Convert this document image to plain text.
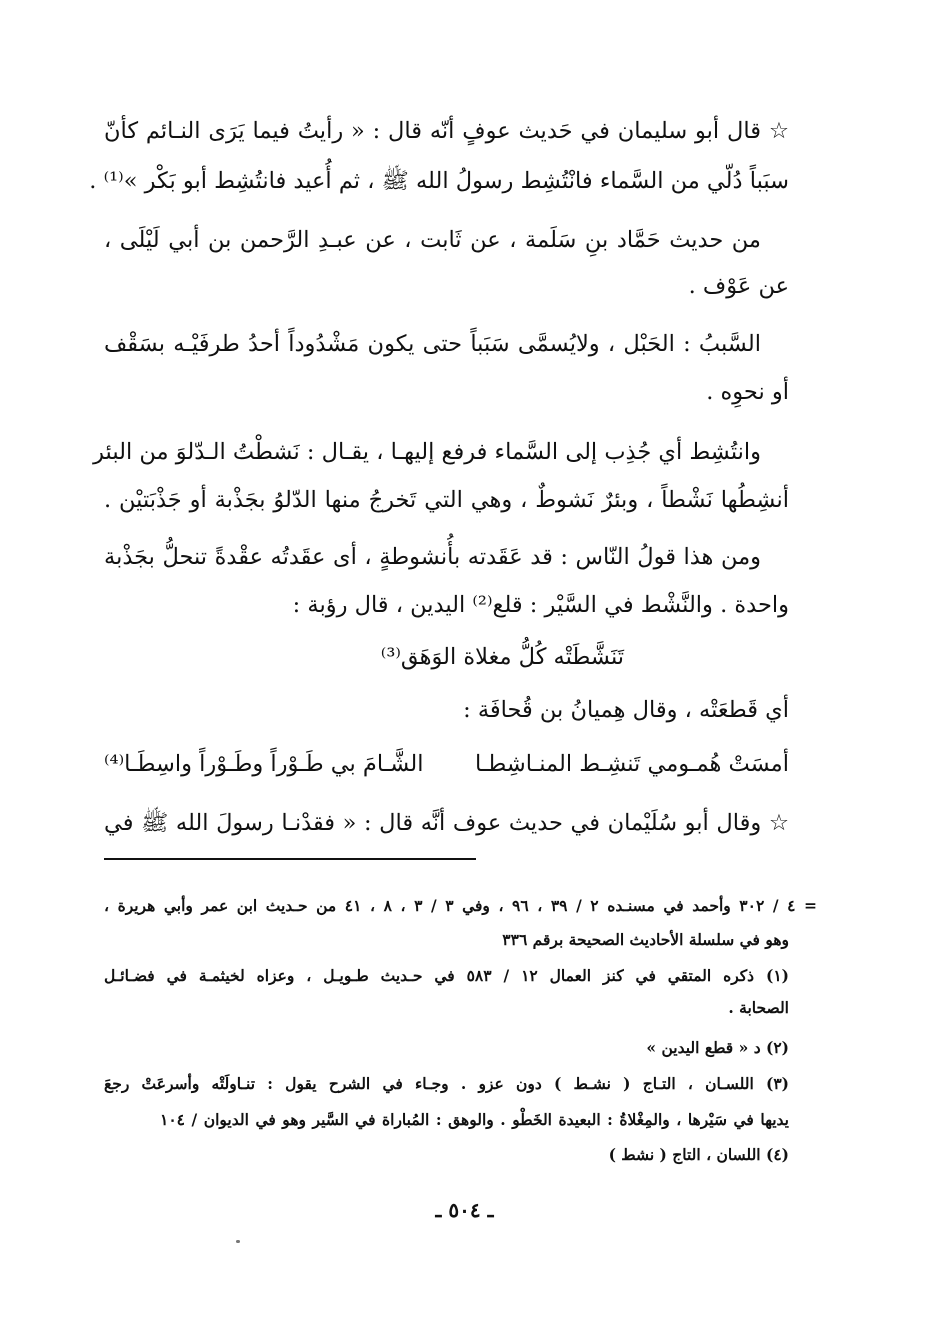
☆ قال أبو سليمان في حَديث عوفٍ أنّه قال : « رأيتُ فيما يَرَى النـائم كأنّ
سبَباً دُلّي من السَّماء فانْتُشِط رسولُ الله ﷺ ، ثم أُعيد فانتُشِط أبو بَكْر »⁽¹⁾ .
من حديث حَمَّاد بنِ سَلَمة ، عن ثَابت ، عن عبـدِ الرَّحمن بن أبي لَيْلَى ،
عن عَوْف .
السَّببُ : الحَبْل ، ولايُسمَّى سَبَباً حتى يكون مَشْدُوداً أحدُ طرفَيْـه بسَقْف
أو نحوِه .
وانتُشِط أي جُذِب إلى السَّماء فرفع إليهـا ، يقـال : نَشطْتُ الـدّلوَ من البئر
أنشِطُها نَشْطاً ، وبئرٌ نَشوطٌ ، وهي التي تَخرجُ منها الدّلوُ بجَذْبة أو جَذْبَتيْن .
ومن هذا قولُ النّاس : قد عَقَدته بأُنشوطةٍ ، أى عقَدتُه عقْدةً تنحلُّ بجَذْبة
واحدة . والنَّشْط في السَّيْر : قلع⁽²⁾ اليدين ، قال رؤبة :
تَنَشَّطَتْه كُلُّ مغلاة الوَهَق⁽³⁾
أي قَطعَتْه ، وقال هِميانُ بن قُحافَة :
أمسَتْ هُمـومي تَنشِـط المنـاشِطـا
الشَّـامَ بي طَـوْراً وطَـوْراً واسِطَـا⁽⁴⁾
☆ وقال أبو سُلَيْمان في حديث عوف أنَّه قال : « فقدْنـا رسولَ الله ﷺ في
= ٤ / ٣٠٢ وأحمد في مسنـده ٢ / ٣٩ ، ٩٦ ، وفي ٣ / ٣ ، ٨ ، ٤١ من حـديث ابن عمر وأبي هريرة ،
وهو في سلسلة الأحاديث الصحيحة برقم ٣٣٦
(١) ذكره المتقي في كنز العمال ١٢ / ٥٨٣ في حـديث طـويـل ، وعزاه لخيثمـة في فضـائـل
الصحابة .
(٢) د « قطع اليدين »
(٣) اللسـان ، التـاج ( نشـط ) دون عزو . وجـاء في الشرح يقول : تنـاولَتْه وأسرعَتْ رجعَ
يديها في سَيْرها ، والمِغْلاةُ : البعيدة الخَطْو . والوهق : المُباراة في السَّير وهو في الديوان / ١٠٤
(٤) اللسان ، التاج ( نشط )
ـ ٥٠٤ ـ
